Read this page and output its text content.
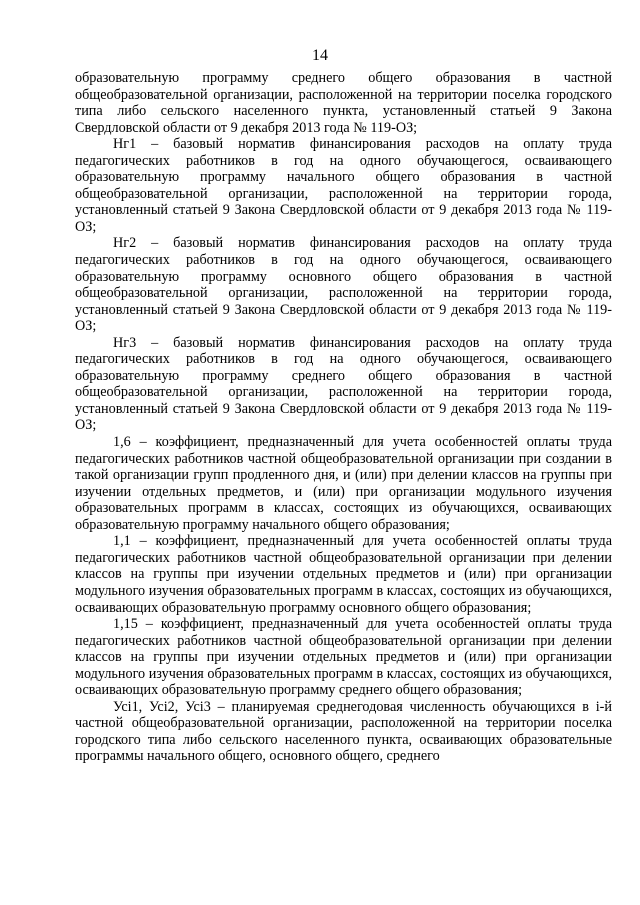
14

образовательную программу среднего общего образования в частной общеобразовательной организации, расположенной на территории поселка городского типа либо сельского населенного пункта, установленный статьей 9 Закона Свердловской области от 9 декабря 2013 года № 119-ОЗ;

Нг1 – базовый норматив финансирования расходов на оплату труда педагогических работников в год на одного обучающегося, осваивающего образовательную программу начального общего образования в частной общеобразовательной организации, расположенной на территории города, установленный статьей 9 Закона Свердловской области от 9 декабря 2013 года № 119-ОЗ;

Нг2 – базовый норматив финансирования расходов на оплату труда педагогических работников в год на одного обучающегося, осваивающего образовательную программу основного общего образования в частной общеобразовательной организации, расположенной на территории города, установленный статьей 9 Закона Свердловской области от 9 декабря 2013 года № 119-ОЗ;

Нг3 – базовый норматив финансирования расходов на оплату труда педагогических работников в год на одного обучающегося, осваивающего образовательную программу среднего общего образования в частной общеобразовательной организации, расположенной на территории города, установленный статьей 9 Закона Свердловской области от 9 декабря 2013 года № 119-ОЗ;

1,6 – коэффициент, предназначенный для учета особенностей оплаты труда педагогических работников частной общеобразовательной организации при создании в такой организации групп продленного дня, и (или) при делении классов на группы при изучении отдельных предметов, и (или) при организации модульного изучения образовательных программ в классах, состоящих из обучающихся, осваивающих образовательную программу начального общего образования;

1,1 – коэффициент, предназначенный для учета особенностей оплаты труда педагогических работников частной общеобразовательной организации при делении классов на группы при изучении отдельных предметов и (или) при организации модульного изучения образовательных программ в классах, состоящих из обучающихся, осваивающих образовательную программу основного общего образования;

1,15 – коэффициент, предназначенный для учета особенностей оплаты труда педагогических работников частной общеобразовательной организации при делении классов на группы при изучении отдельных предметов и (или) при организации модульного изучения образовательных программ в классах, состоящих из обучающихся, осваивающих образовательную программу среднего общего образования;

Усi1, Усi2, Усi3 – планируемая среднегодовая численность обучающихся в i-й частной общеобразовательной организации, расположенной на территории поселка городского типа либо сельского населенного пункта, осваивающих образовательные программы начального общего, основного общего, среднего
